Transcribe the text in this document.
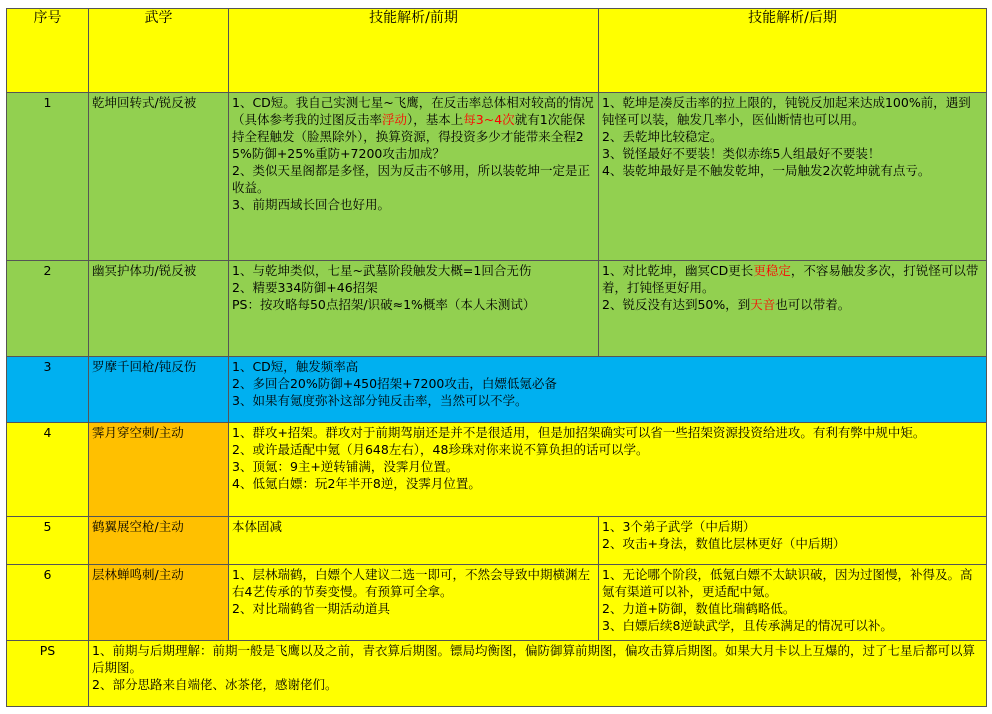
序号	武学	技能解析/前期	技能解析/后期
1	乾坤回转式/锐反被	1、CD短。我自己实测七星~飞鹰，在反击率总体相对较高的情况（具体参考我的过图反击率浮动），基本上每3~4次就有1次能保持全程触发（脸黑除外），换算资源，得投资多少才能带来全程25%防御+25%重防+7200攻击加成？
2、类似天星阁都是多怪，因为反击不够用，所以装乾坤一定是正收益。
3、前期西域长回合也好用。	1、乾坤是凑反击率的拉上限的，钝锐反加起来达成100%前，遇到钝怪可以装，触发几率小，医仙断情也可以用。
2、丢乾坤比较稳定。
3、锐怪最好不要装！类似赤练5人组最好不要装！
4、装乾坤最好是不触发乾坤，一局触发2次乾坤就有点亏。

2	幽冥护体功/锐反被	1、与乾坤类似，七星~武墓阶段触发大概=1回合无伤
2、精要334防御+46招架
PS：按攻略每50点招架/识破≈1%概率（本人未测试）	1、对比乾坤，幽冥CD更长更稳定，不容易触发多次，打锐怪可以带着，打钝怪更好用。
2、锐反没有达到50%，到天音也可以带着。

3	罗摩千回枪/钝反伤	1、CD短，触发频率高
2、多回合20%防御+450招架+7200攻击，白嫖低氪必备
3、如果有氪度弥补这部分钝反击率，当然可以不学。	

4	霁月穿空刺/主动	1、群攻+招架。群攻对于前期驾崩还是并不是很适用，但是加招架确实可以省一些招架资源投资给进攻。有利有弊中规中矩。
2、或许最适配中氪（月648左右），48珍珠对你来说不算负担的话可以学。
3、顶氪：9主+逆转铺满，没霁月位置。
4、低氪白嫖：玩2年半开8逆，没霁月位置。	

5	鹤翼展空枪/主动	本体固减	1、3个弟子武学（中后期）
2、攻击+身法，数值比层林更好（中后期）

6	层林蝉鸣刺/主动	1、层林瑞鹤，白嫖个人建议二选一即可，不然会导致中期横渊左右4艺传承的节奏变慢。有预算可全拿。
2、对比瑞鹤省一期活动道具	1、无论哪个阶段，低氪白嫖不太缺识破，因为过图慢，补得及。高氪有渠道可以补，更适配中氪。
2、力道+防御，数值比瑞鹤略低。
3、白嫖后续8逆缺武学，且传承满足的情况可以补。

PS	1、前期与后期理解：前期一般是飞鹰以及之前，青衣算后期图。镖局均衡图，偏防御算前期图，偏攻击算后期图。如果大月卡以上互爆的，过了七星后都可以算后期图。
2、部分思路来自端佬、冰茶佬，感谢佬们。		
